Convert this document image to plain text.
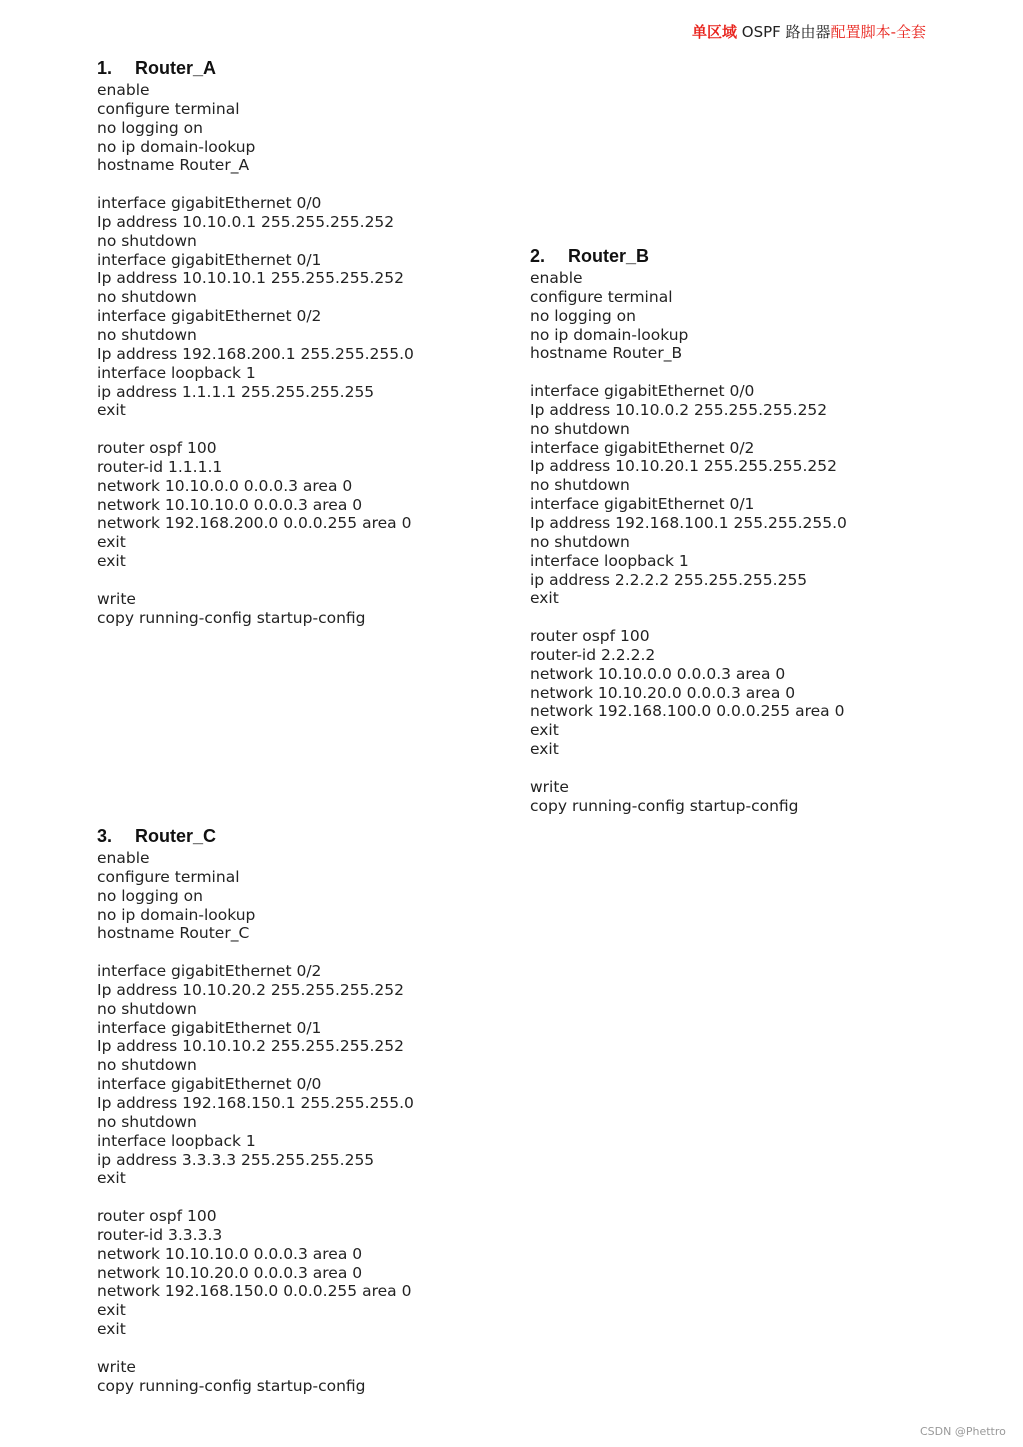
单区域 OSPF 路由器配置脚本-全套
1. Router_A
enable
configure terminal
no logging on
no ip domain-lookup
hostname Router_A
interface gigabitEthernet 0/0
Ip address 10.10.0.1 255.255.255.252
no shutdown
interface gigabitEthernet 0/1
Ip address 10.10.10.1 255.255.255.252
no shutdown
interface gigabitEthernet 0/2
no shutdown
Ip address 192.168.200.1 255.255.255.0
interface loopback 1
ip address 1.1.1.1 255.255.255.255
exit
router ospf 100
router-id 1.1.1.1
network 10.10.0.0 0.0.0.3 area 0
network 10.10.10.0 0.0.0.3 area 0
network 192.168.200.0 0.0.0.255 area 0
exit
exit
write
copy running-config startup-config
2. Router_B
enable
configure terminal
no logging on
no ip domain-lookup
hostname Router_B
interface gigabitEthernet 0/0
Ip address 10.10.0.2 255.255.255.252
no shutdown
interface gigabitEthernet 0/2
Ip address 10.10.20.1 255.255.255.252
no shutdown
interface gigabitEthernet 0/1
Ip address 192.168.100.1 255.255.255.0
no shutdown
interface loopback 1
ip address 2.2.2.2 255.255.255.255
exit
router ospf 100
router-id 2.2.2.2
network 10.10.0.0 0.0.0.3 area 0
network 10.10.20.0 0.0.0.3 area 0
network 192.168.100.0 0.0.0.255 area 0
exit
exit
write
copy running-config startup-config
3. Router_C
enable
configure terminal
no logging on
no ip domain-lookup
hostname Router_C
interface gigabitEthernet 0/2
Ip address 10.10.20.2 255.255.255.252
no shutdown
interface gigabitEthernet 0/1
Ip address 10.10.10.2 255.255.255.252
no shutdown
interface gigabitEthernet 0/0
Ip address 192.168.150.1 255.255.255.0
no shutdown
interface loopback 1
ip address 3.3.3.3 255.255.255.255
exit
router ospf 100
router-id 3.3.3.3
network 10.10.10.0 0.0.0.3 area 0
network 10.10.20.0 0.0.0.3 area 0
network 192.168.150.0 0.0.0.255 area 0
exit
exit
write
copy running-config startup-config
CSDN @Phettro
